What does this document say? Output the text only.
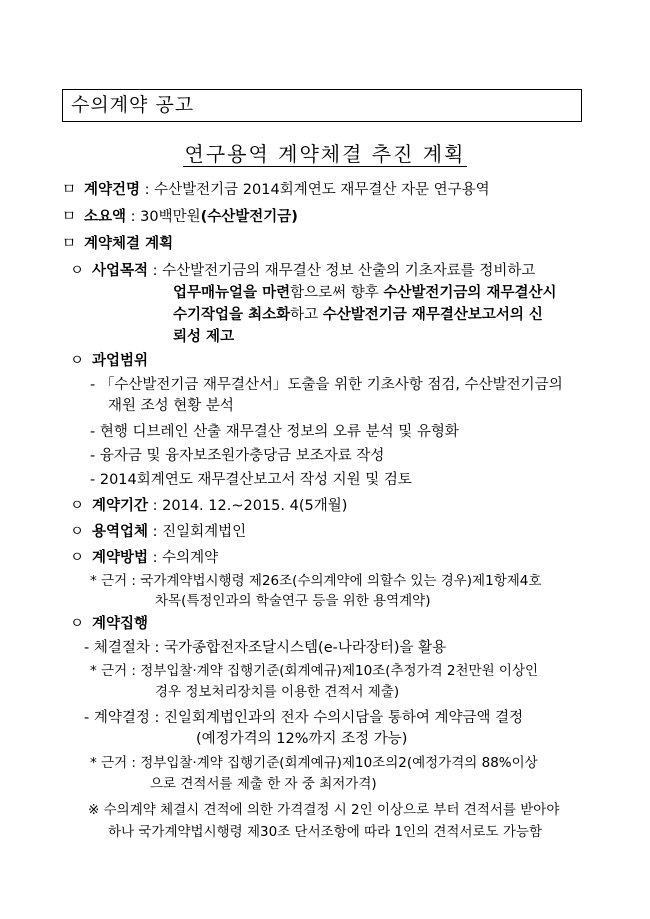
수의계약 공고
연구용역 계약체결 추진 계획
ㅁ 계약건명 : 수산발전기금 2014회계연도 재무결산 자문 연구용역
ㅁ 소요액 : 30백만원(수산발전기금)
ㅁ 계약체결 계획
ㅇ 사업목적 : 수산발전기금의 재무결산 정보 산출의 기초자료를 정비하고
업무매뉴얼을 마련함으로써 향후 수산발전기금의 재무결산시
수기작업을 최소화하고 수산발전기금 재무결산보고서의 신
뢰성 제고
ㅇ 과업범위
- 「수산발전기금 재무결산서」도출을 위한 기초사항 점검, 수산발전기금의
재원 조성 현황 분석
- 현행 디브레인 산출 재무결산 정보의 오류 분석 및 유형화
- 융자금 및 융자보조원가충당금 보조자료 작성
- 2014회계연도 재무결산보고서 작성 지원 및 검토
ㅇ 계약기간 : 2014. 12.~2015. 4(5개월)
ㅇ 용역업체 : 진일회계법인
ㅇ 계약방법 : 수의계약
* 근거 : 국가계약법시행령 제26조(수의계약에 의할수 있는 경우)제1항제4호
차목(특정인과의 학술연구 등을 위한 용역계약)
ㅇ 계약집행
- 체결절차 : 국가종합전자조달시스템(e-나라장터)을 활용
* 근거 : 정부입찰·계약 집행기준(회계예규)제10조(추정가격 2천만원 이상인
경우 정보처리장치를 이용한 견적서 제출)
- 계약결정 : 진일회계법인과의 전자 수의시담을 통하여 계약금액 결정
(예정가격의 12%까지 조정 가능)
* 근거 : 정부입찰·계약 집행기준(회계예규)제10조의2(예정가격의 88%이상
으로 견적서를 제출 한 자 중 최저가격)
※ 수의계약 체결시 견적에 의한 가격결정 시 2인 이상으로 부터 견적서를 받아야
하나 국가계약법시행령 제30조 단서조항에 따라 1인의 견적서로도 가능함
